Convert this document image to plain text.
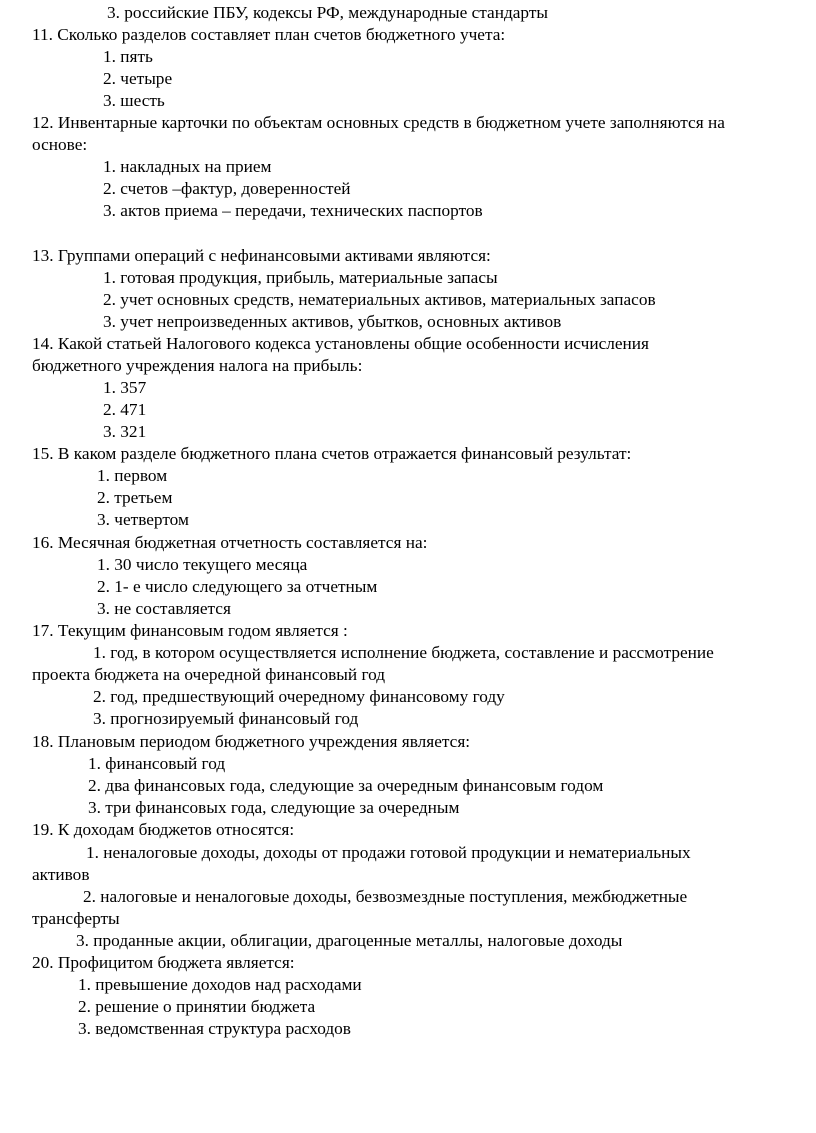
3. российские ПБУ, кодексы РФ, международные стандарты
11. Сколько разделов составляет план счетов бюджетного учета:
1. пять
2. четыре
3. шесть
12. Инвентарные карточки по объектам основных средств в бюджетном учете заполняются на
основе:
1. накладных на прием
2. счетов –фактур, доверенностей
3. актов приема – передачи, технических паспортов
13. Группами операций с нефинансовыми активами являются:
1. готовая продукция, прибыль, материальные запасы
2. учет основных средств, нематериальных активов, материальных запасов
3. учет непроизведенных активов, убытков, основных активов
14. Какой статьей Налогового кодекса установлены общие особенности исчисления
бюджетного учреждения налога на прибыль:
1. 357
2. 471
3. 321
15. В каком разделе бюджетного плана счетов отражается финансовый результат:
1. первом
2. третьем
3. четвертом
16. Месячная бюджетная отчетность составляется на:
1. 30 число текущего месяца
2. 1- е число следующего за отчетным
3. не составляется
17. Текущим финансовым годом является :
1. год, в котором осуществляется исполнение бюджета, составление и рассмотрение
проекта бюджета на очередной финансовый год
2. год, предшествующий очередному финансовому году
3. прогнозируемый финансовый год
18. Плановым периодом бюджетного учреждения является:
1. финансовый год
2. два финансовых года, следующие за очередным финансовым годом
3. три финансовых года, следующие за очередным
19. К доходам бюджетов относятся:
1. неналоговые доходы, доходы от продажи готовой продукции и нематериальных
активов
2. налоговые и неналоговые доходы, безвозмездные поступления, межбюджетные
трансферты
3. проданные акции, облигации, драгоценные металлы, налоговые доходы
20. Профицитом бюджета является:
1. превышение доходов над расходами
2. решение о принятии бюджета
3. ведомственная структура расходов
